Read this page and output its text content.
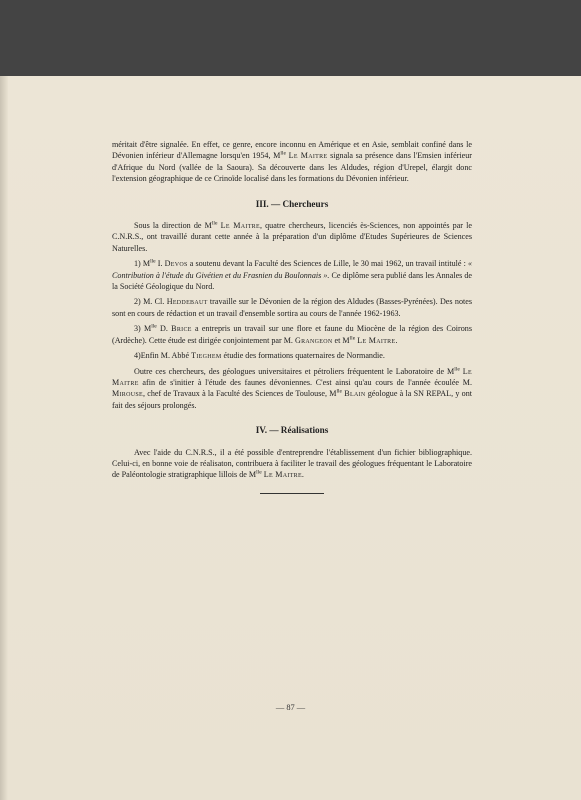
méritait d'être signalée. En effet, ce genre, encore inconnu en Amérique et en Asie, semblait confiné dans le Dévonien inférieur d'Allemagne lorsqu'en 1954, $M^{lle}$ Le Maitre signala sa présence dans l'Emsien inférieur d'Afrique du Nord (vallée de la Saoura). Sa découverte dans les Aldudes, région d'Urepel, élargit donc l'extension géographique de ce Crinoïde localisé dans les formations du Dévonien inférieur.

III. — Chercheurs

Sous la direction de $M^{lle}$ Le Maitre, quatre chercheurs, licenciés ès-Sciences, non appointés par le C.N.R.S., ont travaillé durant cette année à la préparation d'un diplôme d'Etudes Supérieures de Sciences Naturelles.

1) $M^{lle}$ I. Devos a soutenu devant la Faculté des Sciences de Lille, le 30 mai 1962, un travail intitulé : « Contribution à l'étude du Givétien et du Frasnien du Boulonnais ». Ce diplôme sera publié dans les Annales de la Société Géologique du Nord.

2) M. Cl. Heddebaut travaille sur le Dévonien de la région des Aldudes (Basses-Pyrénées). Des notes sont en cours de rédaction et un travail d'ensemble sortira au cours de l'année 1962-1963.

3) $M^{lle}$ D. Brice a entrepris un travail sur une flore et faune du Miocène de la région des Coirons (Ardèche). Cette étude est dirigée conjointement par M. Grangeon et $M^{lle}$ Le Maitre.

4)Enfin M. Abbé Tieghem étudie des formations quaternaires de Normandie.

Outre ces chercheurs, des géologues universitaires et pétroliers fréquentent le Laboratoire de $M^{lle}$ Le Maitre afin de s'initier à l'étude des faunes dévoniennes. C'est ainsi qu'au cours de l'année écoulée M. Mirouse, chef de Travaux à la Faculté des Sciences de Toulouse, $M^{lle}$ Blain géologue à la SN REPAL, y ont fait des séjours prolongés.

IV. — Réalisations

Avec l'aide du C.N.R.S., il a été possible d'entreprendre l'établissement d'un fichier bibliographique. Celui-ci, en bonne voie de réalisaton, contribuera à faciliter le travail des géologues fréquentant le Laboratoire de Paléontologie stratigraphique lillois de $M^{lle}$ Le Maitre.

— 87 —
